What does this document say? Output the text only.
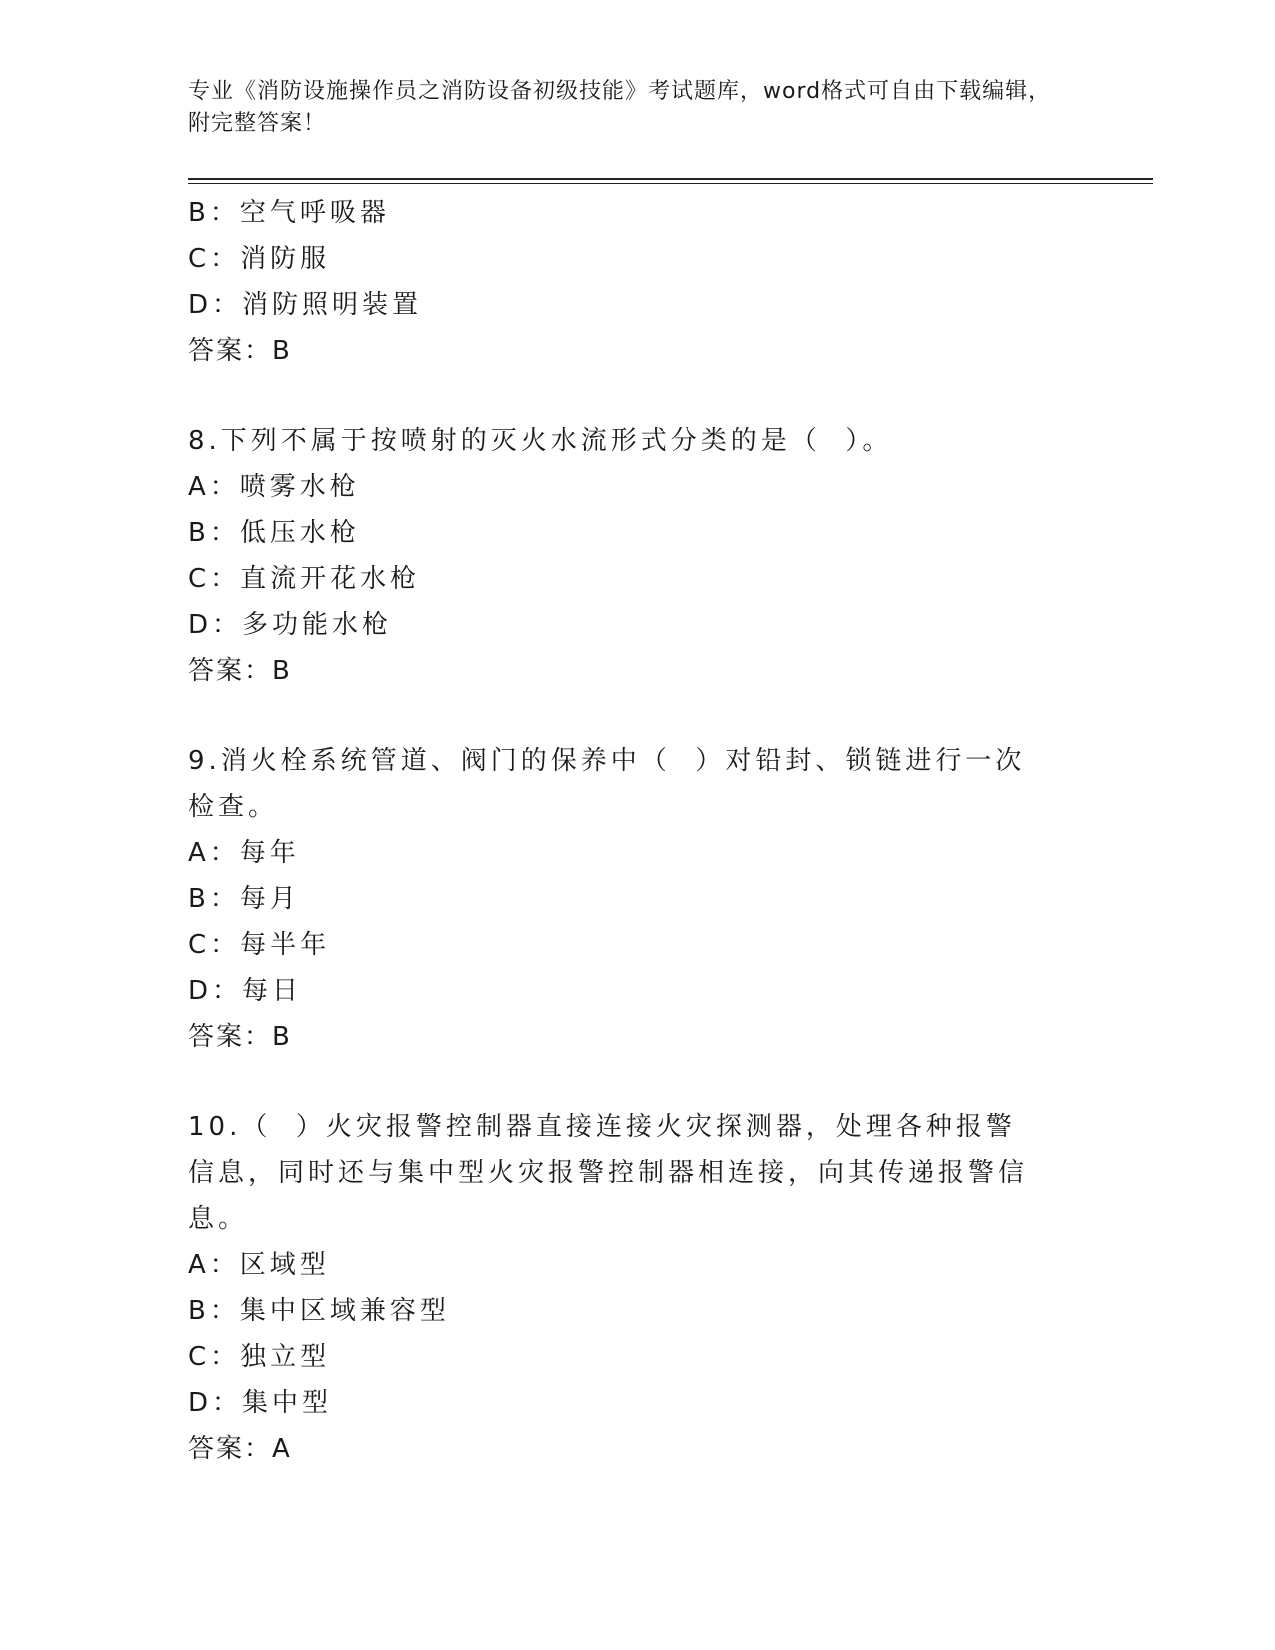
专业《消防设施操作员之消防设备初级技能》考试题库，word格式可自由下载编辑，附完整答案！
B：空气呼吸器
C：消防服
D：消防照明装置
答案：B
8.下列不属于按喷射的灭火水流形式分类的是（  ）。
A：喷雾水枪
B：低压水枪
C：直流开花水枪
D：多功能水枪
答案：B
9.消火栓系统管道、阀门的保养中（  ）对铅封、锁链进行一次检查。
A：每年
B：每月
C：每半年
D：每日
答案：B
10.（  ）火灾报警控制器直接连接火灾探测器，处理各种报警信息，同时还与集中型火灾报警控制器相连接，向其传递报警信息。
A：区域型
B：集中区域兼容型
C：独立型
D：集中型
答案：A
